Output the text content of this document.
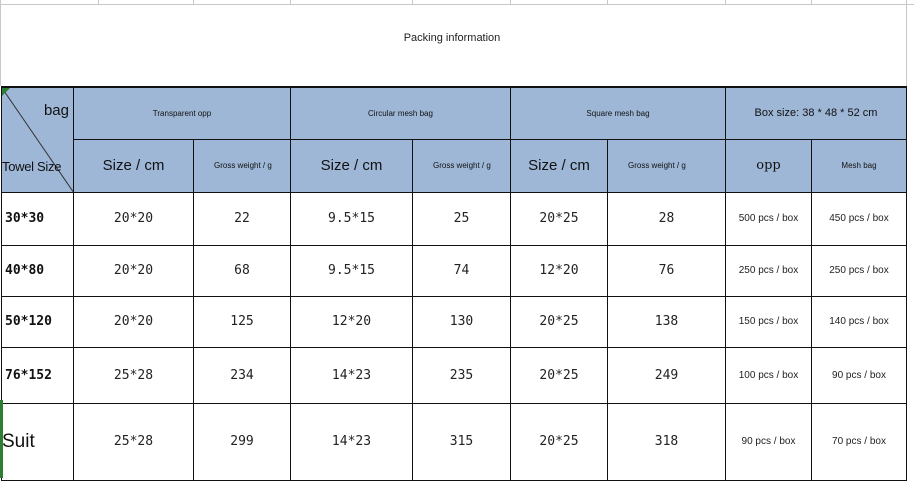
Packing information
bag
Towel Size	Transparent opp		Circular mesh bag		Square mesh bag		Box size: 38 * 48 * 52 cm	
	Size / cm	Gross weight / g	Size / cm	Gross weight / g	Size / cm	Gross weight / g	opp	Mesh bag
30*30	20*20	22	9.5*15	25	20*25	28	500 pcs / box	450 pcs / box
40*80	20*20	68	9.5*15	74	12*20	76	250 pcs / box	250 pcs / box
50*120	20*20	125	12*20	130	20*25	138	150 pcs / box	140 pcs / box
76*152	25*28	234	14*23	235	20*25	249	100 pcs / box	90 pcs / box
Suit	25*28	299	14*23	315	20*25	318	90 pcs / box	70 pcs / box
